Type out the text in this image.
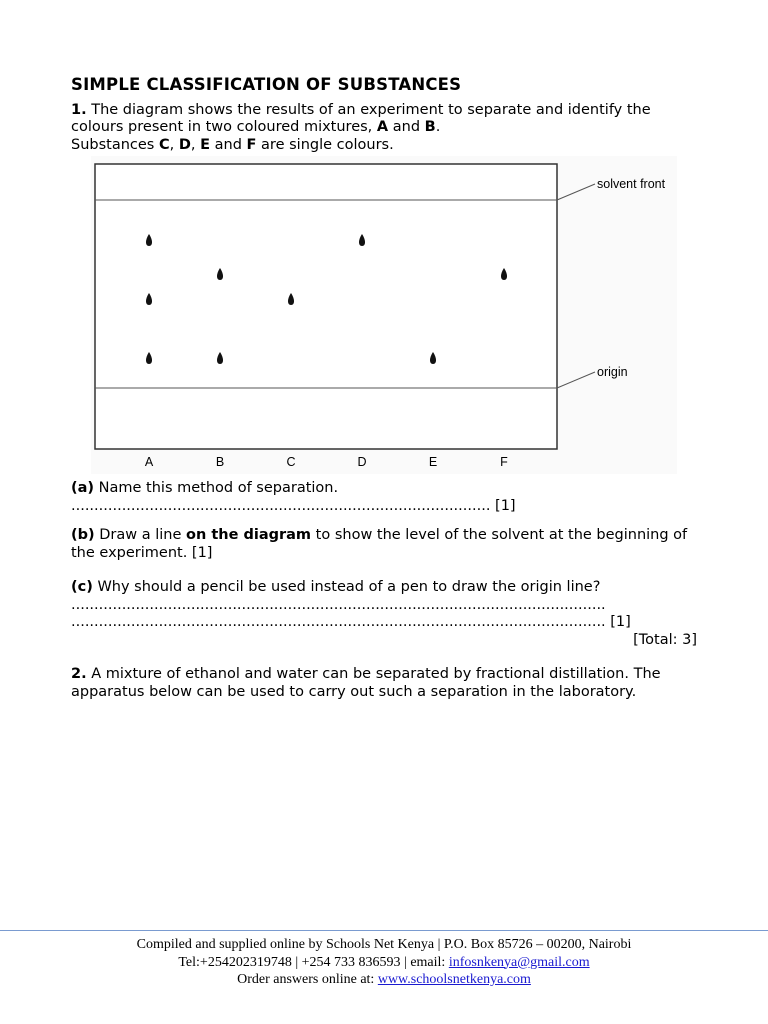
SIMPLE CLASSIFICATION OF SUBSTANCES

1. The diagram shows the results of an experiment to separate and identify the colours present in two coloured mixtures, A and B.

Substances C, D, E and F are single colours.

solvent front
origin
A	B	C	D	E	F

(a) Name this method of separation.

........................................................................................... [1]

(b) Draw a line on the diagram to show the level of the solvent at the beginning of the experiment. [1]

(c) Why should a pencil be used instead of a pen to draw the origin line?

....................................................................................................................

.................................................................................................................... [1]

[Total: 3]

2. A mixture of ethanol and water can be separated by fractional distillation. The apparatus below can be used to carry out such a separation in the laboratory.

Compiled and supplied online by Schools Net Kenya | P.O. Box 85726 – 00200, Nairobi
Tel:+254202319748 | +254 733 836593 | email: infosnkenya@gmail.com
Order answers online at: www.schoolsnetkenya.com
